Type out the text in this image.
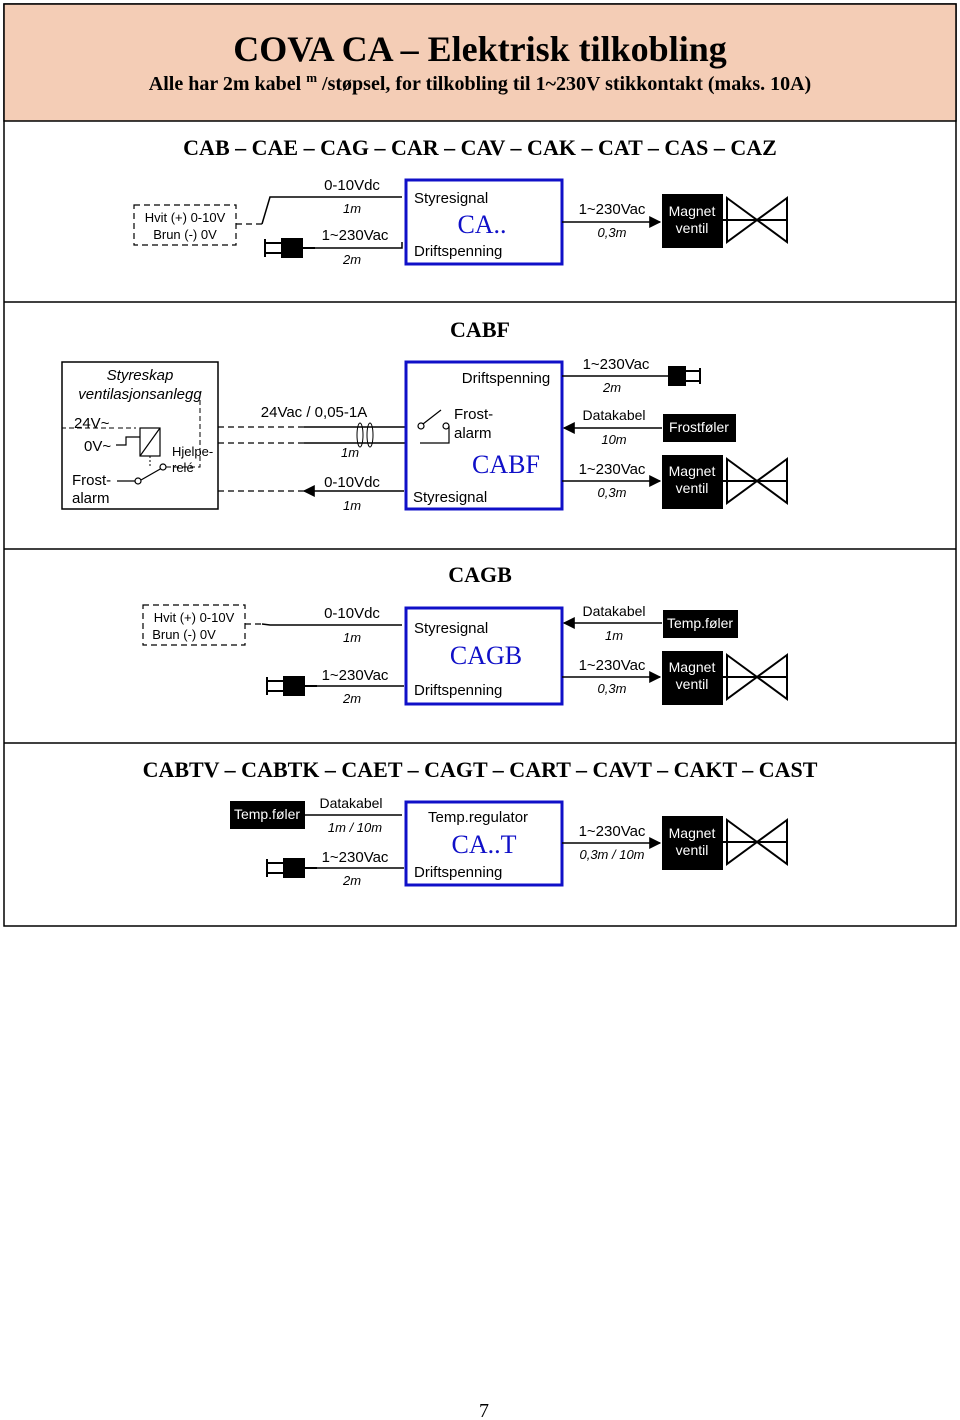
COVA CA – Elektrisk tilkobling
Alle har 2m kabel $^m$ /støpsel, for tilkobling til 1~230V stikkontakt (maks. 10A)
CAB – CAE – CAG – CAR – CAV – CAK – CAT – CAS – CAZ
Hvit (+) 0-10V
Brun (-) 0V
0-10Vdc
1m
1~230Vac
2m
Styresignal
CA..
Driftspenning
1~230Vac
0,3m
Magnet
ventil
CABF
Styreskap
ventilasjonsanlegg
24V~
0V~	Hjelpe-
relé
Frost-
alarm
24Vac / 0,05-1A
1m
0-10Vdc
1m
Driftspenning
Frost-
alarm
CABF
Styresignal
1~230Vac
2m
Datakabel
10m
Frostføler
1~230Vac
0,3m
Magnet
ventil
CAGB
Hvit (+) 0-10V
Brun (-) 0V
0-10Vdc
1m
1~230Vac
2m
Styresignal
CAGB
Driftspenning
Datakabel
1m
Temp.føler
1~230Vac
0,3m
Magnet
ventil
CABTV – CABTK – CAET – CAGT – CART – CAVT – CAKT – CAST
Temp.føler
Datakabel
1m / 10m
1~230Vac
2m
Temp.regulator
CA..T
Driftspenning
1~230Vac
0,3m / 10m
Magnet
ventil
7
